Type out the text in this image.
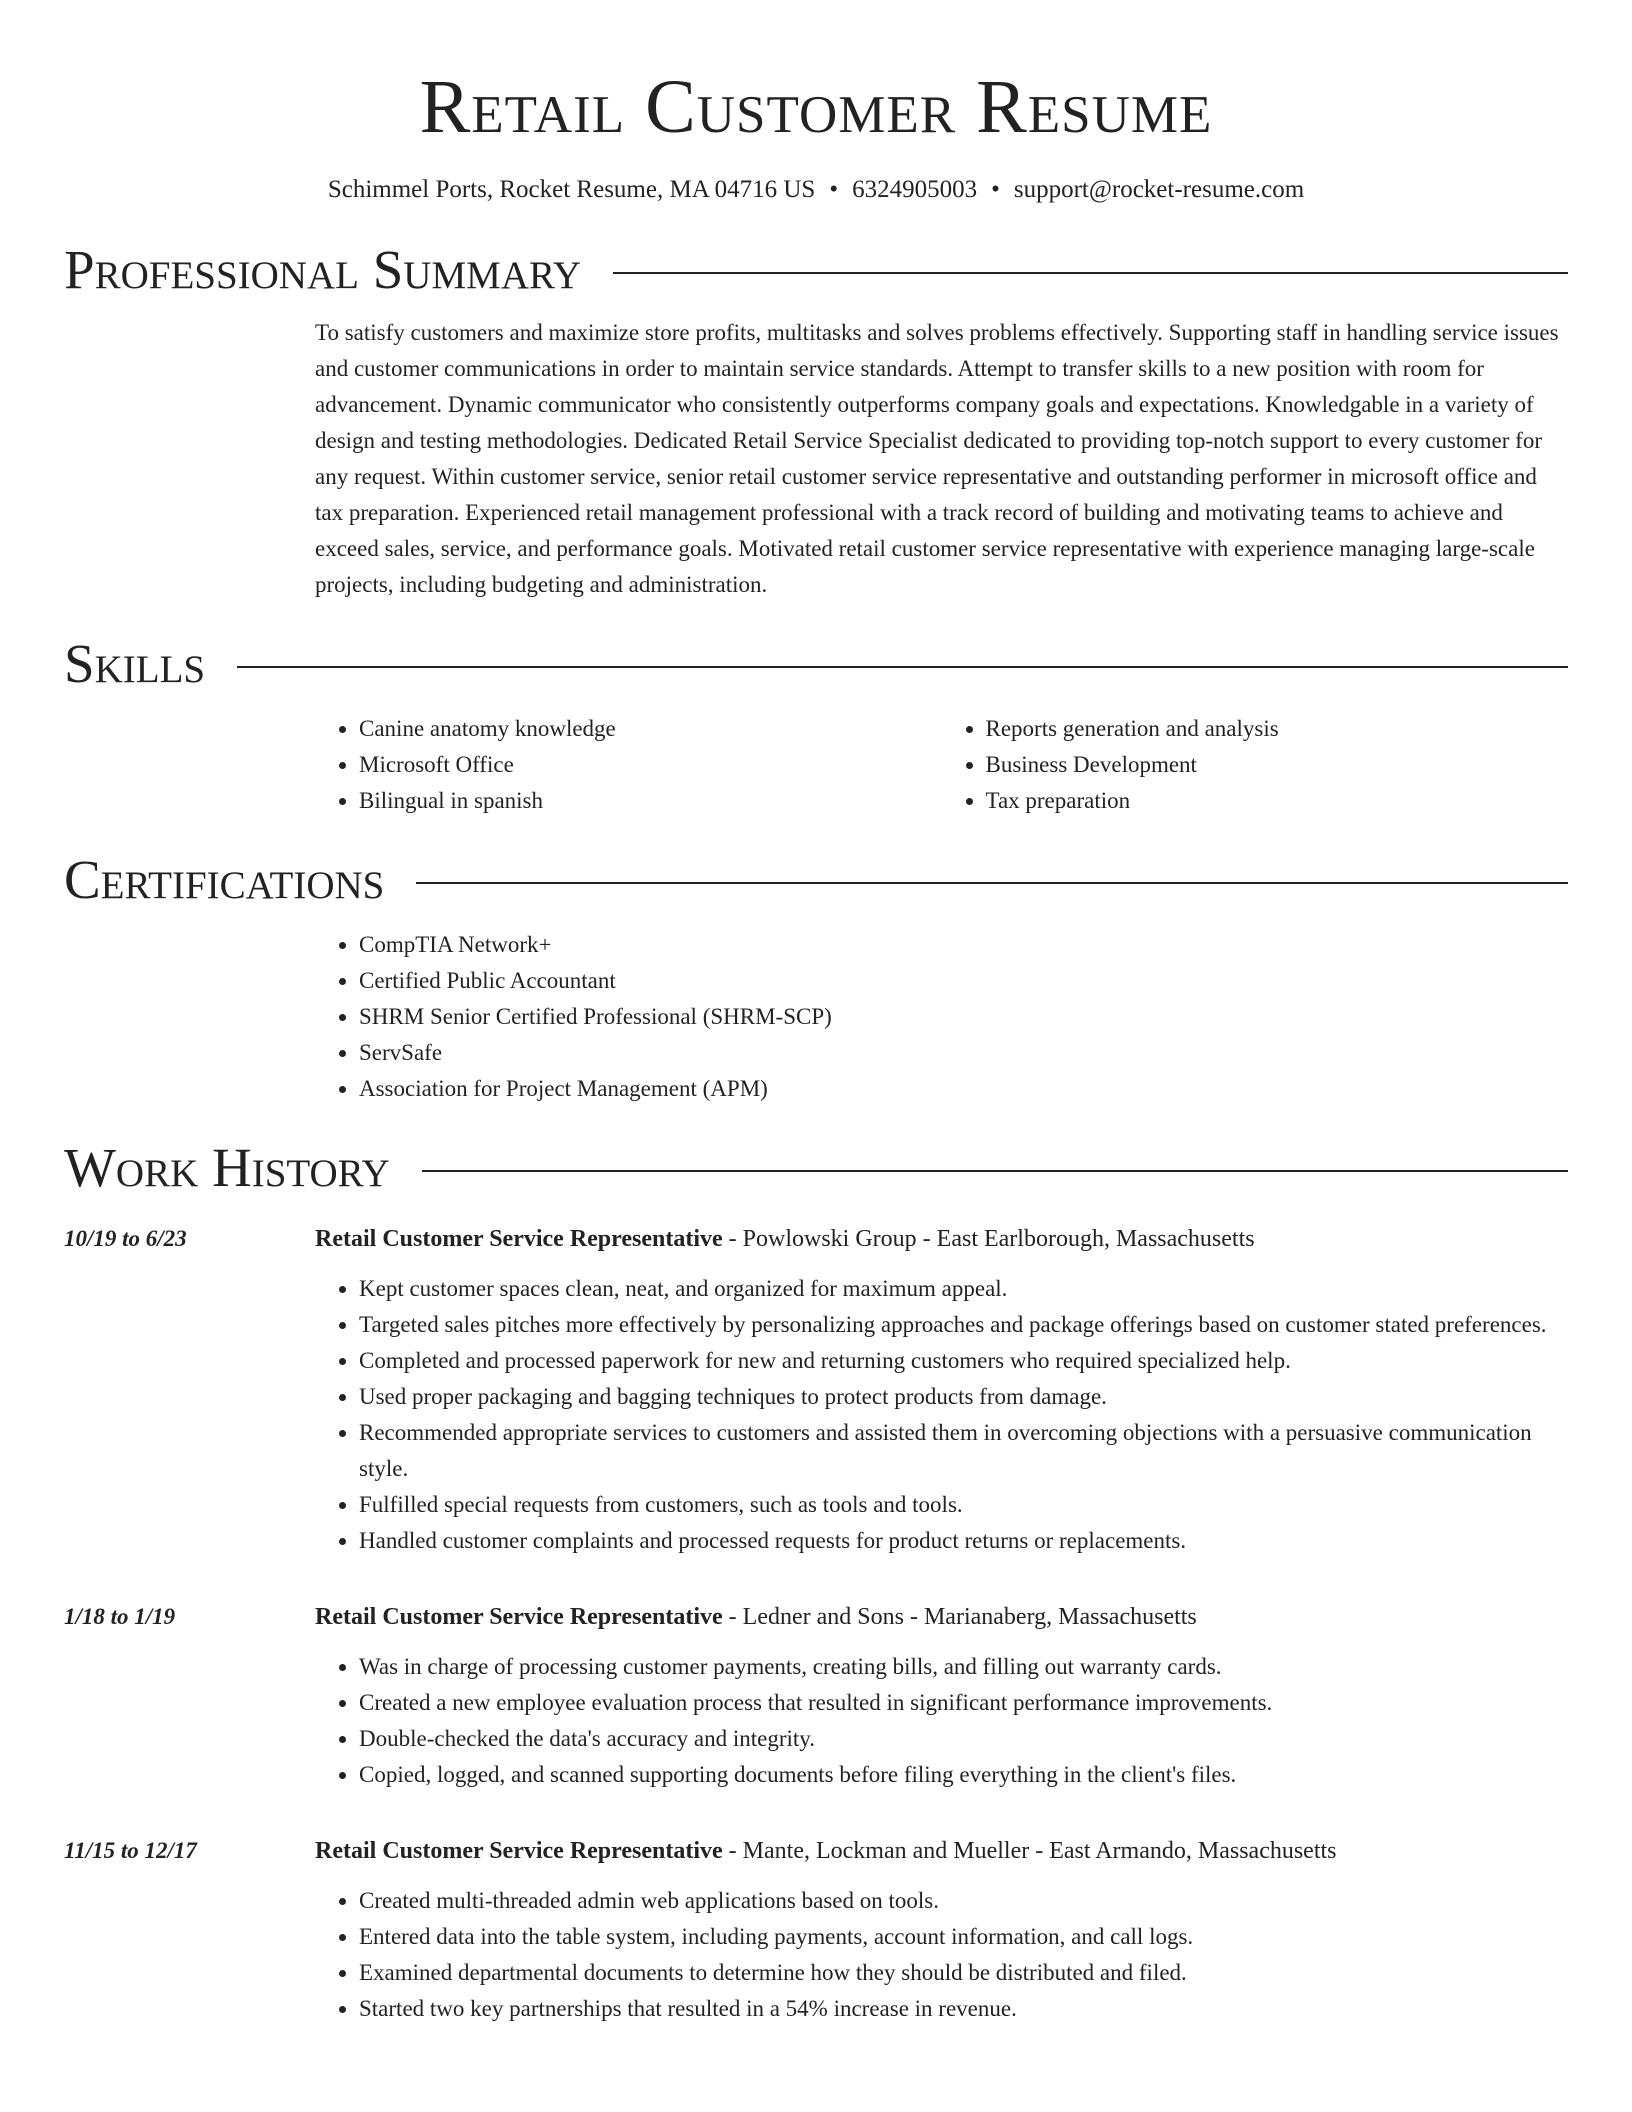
Retail Customer Resume
Schimmel Ports, Rocket Resume, MA 04716 US • 6324905003 • support@rocket-resume.com
Professional Summary
To satisfy customers and maximize store profits, multitasks and solves problems effectively. Supporting staff in handling service issues and customer communications in order to maintain service standards. Attempt to transfer skills to a new position with room for advancement. Dynamic communicator who consistently outperforms company goals and expectations. Knowledgable in a variety of design and testing methodologies. Dedicated Retail Service Specialist dedicated to providing top-notch support to every customer for any request. Within customer service, senior retail customer service representative and outstanding performer in microsoft office and tax preparation. Experienced retail management professional with a track record of building and motivating teams to achieve and exceed sales, service, and performance goals. Motivated retail customer service representative with experience managing large-scale projects, including budgeting and administration.
Skills
• Canine anatomy knowledge
• Microsoft Office
• Bilingual in spanish
• Reports generation and analysis
• Business Development
• Tax preparation
Certifications
• CompTIA Network+
• Certified Public Accountant
• SHRM Senior Certified Professional (SHRM-SCP)
• ServSafe
• Association for Project Management (APM)
Work History
10/19 to 6/23	Retail Customer Service Representative - Powlowski Group - East Earlborough, Massachusetts
• Kept customer spaces clean, neat, and organized for maximum appeal.
• Targeted sales pitches more effectively by personalizing approaches and package offerings based on customer stated preferences.
• Completed and processed paperwork for new and returning customers who required specialized help.
• Used proper packaging and bagging techniques to protect products from damage.
• Recommended appropriate services to customers and assisted them in overcoming objections with a persuasive communication style.
• Fulfilled special requests from customers, such as tools and tools.
• Handled customer complaints and processed requests for product returns or replacements.
1/18 to 1/19	Retail Customer Service Representative - Ledner and Sons - Marianaberg, Massachusetts
• Was in charge of processing customer payments, creating bills, and filling out warranty cards.
• Created a new employee evaluation process that resulted in significant performance improvements.
• Double-checked the data's accuracy and integrity.
• Copied, logged, and scanned supporting documents before filing everything in the client's files.
11/15 to 12/17	Retail Customer Service Representative - Mante, Lockman and Mueller - East Armando, Massachusetts
• Created multi-threaded admin web applications based on tools.
• Entered data into the table system, including payments, account information, and call logs.
• Examined departmental documents to determine how they should be distributed and filed.
• Started two key partnerships that resulted in a 54% increase in revenue.
